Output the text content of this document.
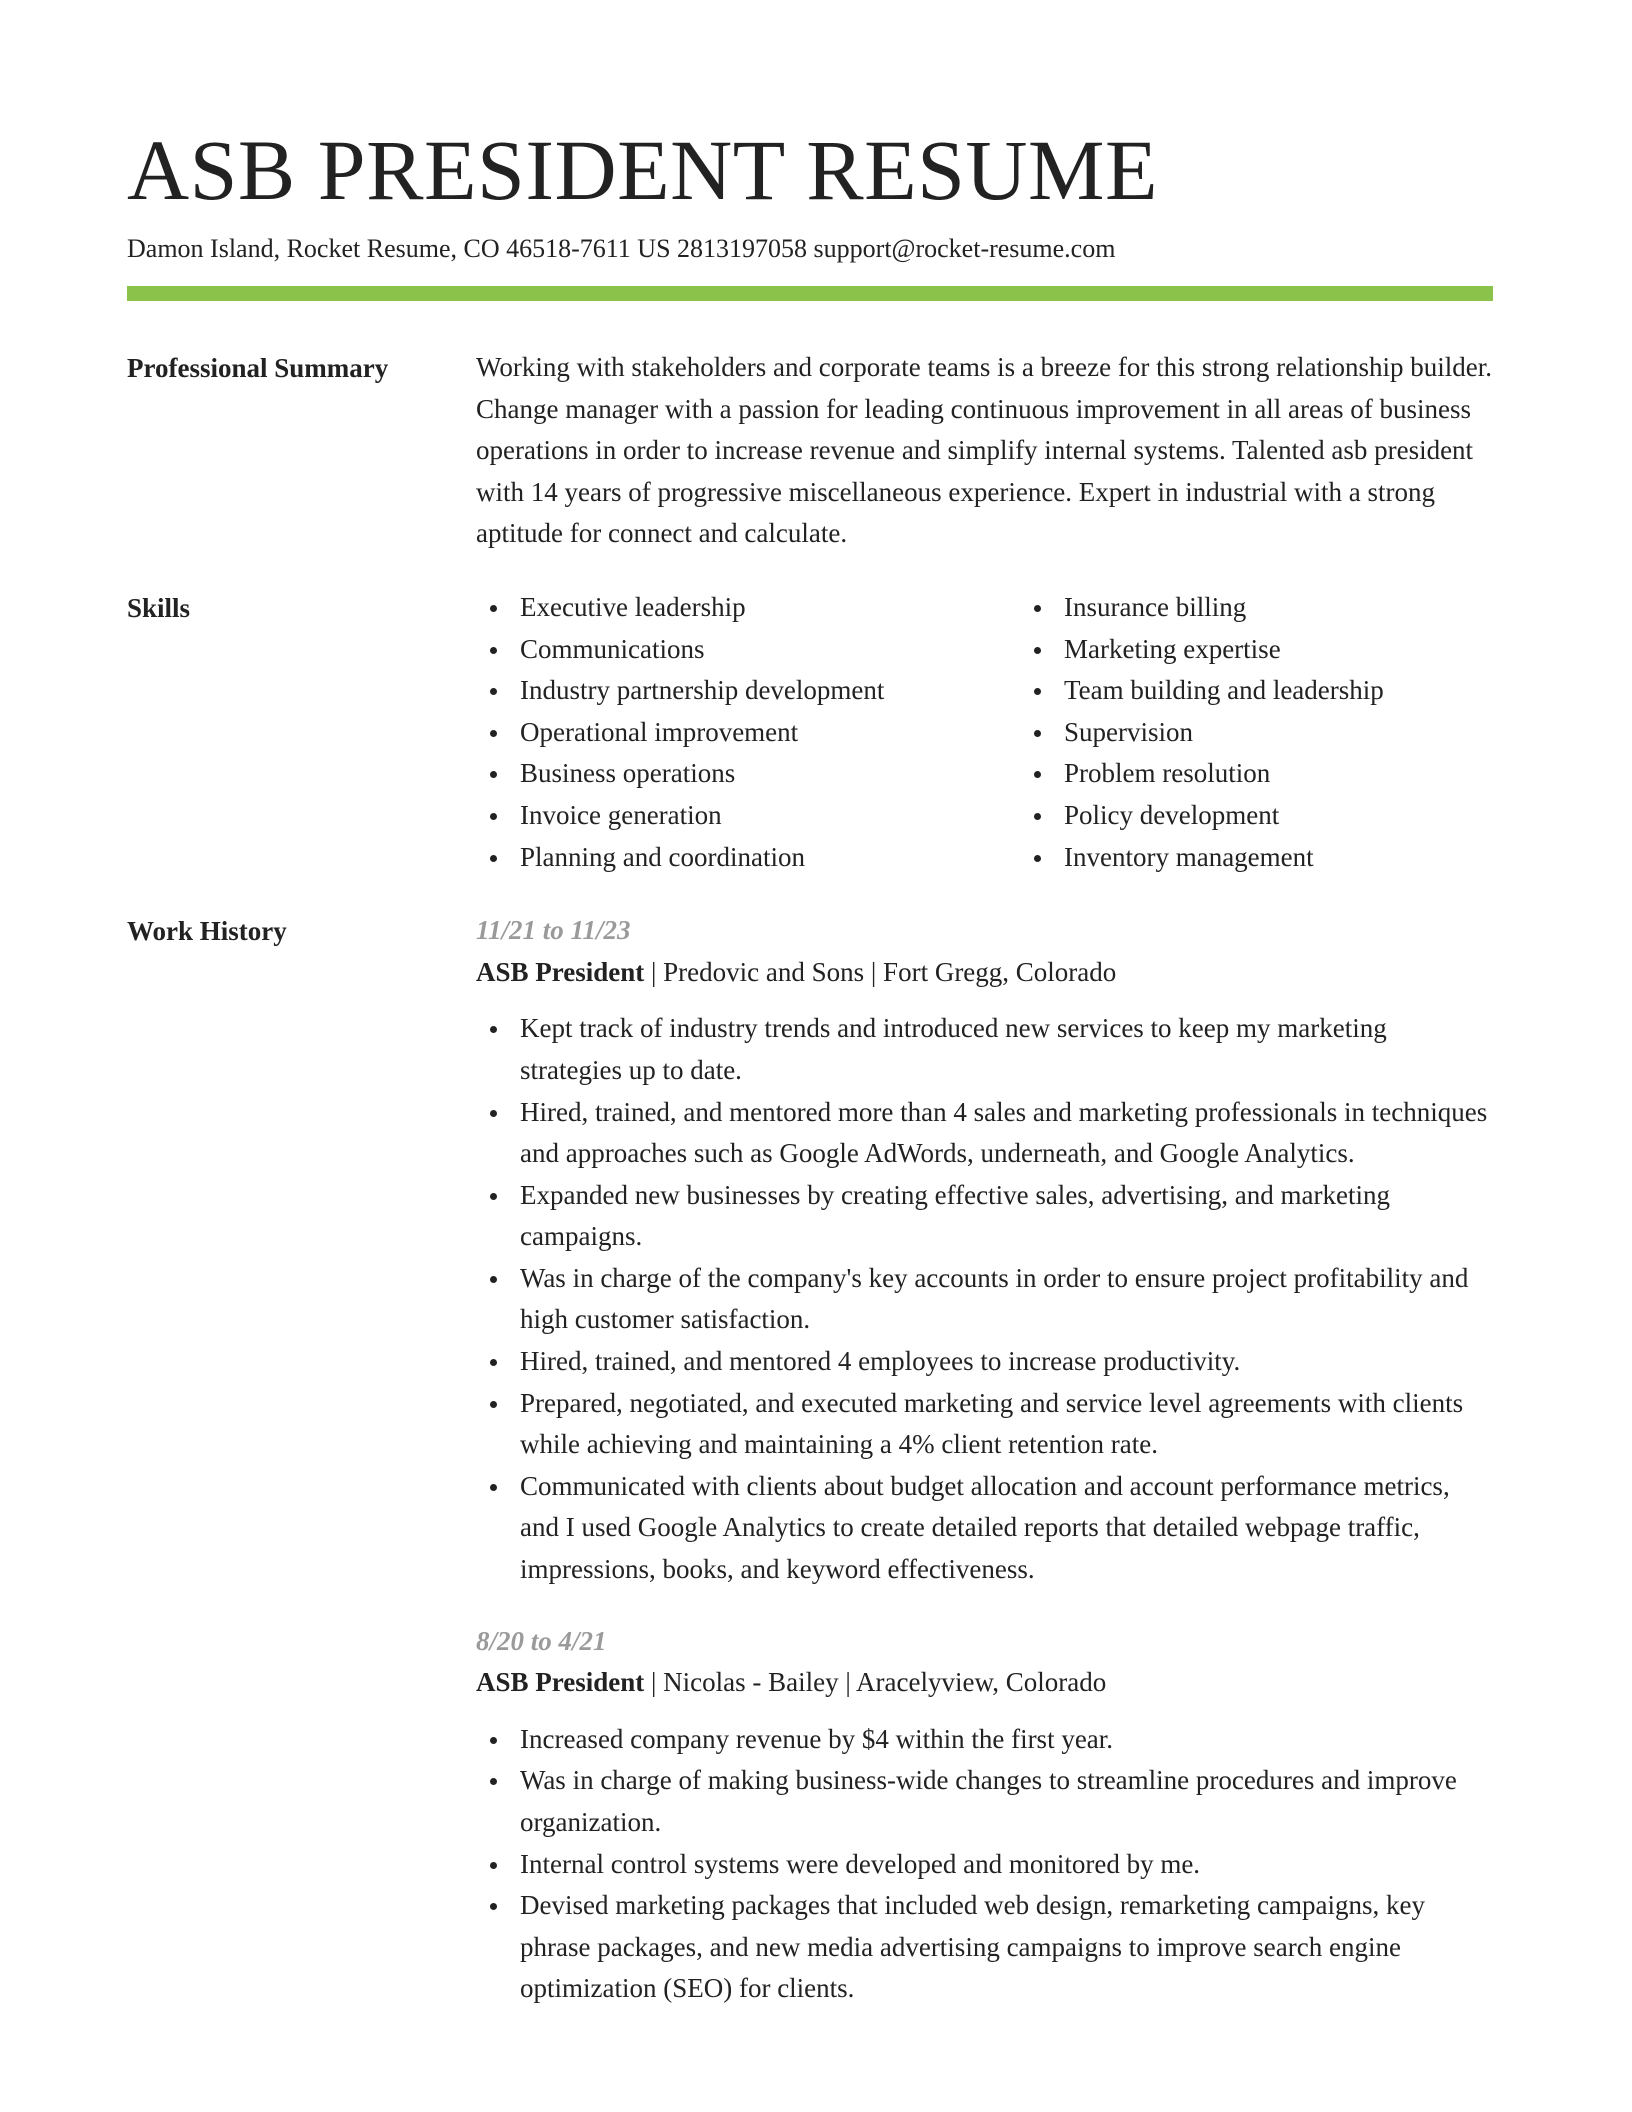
ASB PRESIDENT RESUME
Damon Island, Rocket Resume, CO 46518-7611 US 2813197058 support@rocket-resume.com
Professional Summary	Working with stakeholders and corporate teams is a breeze for this strong relationship builder. Change manager with a passion for leading continuous improvement in all areas of business operations in order to increase revenue and simplify internal systems. Talented asb president with 14 years of progressive miscellaneous experience. Expert in industrial with a strong aptitude for connect and calculate.
Skills	Executive leadership
Communications
Industry partnership development
Operational improvement
Business operations
Invoice generation
Planning and coordination
Insurance billing
Marketing expertise
Team building and leadership
Supervision
Problem resolution
Policy development
Inventory management
Work History	11/21 to 11/23
ASB President | Predovic and Sons | Fort Gregg, Colorado
Kept track of industry trends and introduced new services to keep my marketing strategies up to date.
Hired, trained, and mentored more than 4 sales and marketing professionals in techniques and approaches such as Google AdWords, underneath, and Google Analytics.
Expanded new businesses by creating effective sales, advertising, and marketing campaigns.
Was in charge of the company's key accounts in order to ensure project profitability and high customer satisfaction.
Hired, trained, and mentored 4 employees to increase productivity.
Prepared, negotiated, and executed marketing and service level agreements with clients while achieving and maintaining a 4% client retention rate.
Communicated with clients about budget allocation and account performance metrics, and I used Google Analytics to create detailed reports that detailed webpage traffic, impressions, books, and keyword effectiveness.
8/20 to 4/21
ASB President | Nicolas - Bailey | Aracelyview, Colorado
Increased company revenue by $4 within the first year.
Was in charge of making business-wide changes to streamline procedures and improve organization.
Internal control systems were developed and monitored by me.
Devised marketing packages that included web design, remarketing campaigns, key phrase packages, and new media advertising campaigns to improve search engine optimization (SEO) for clients.
